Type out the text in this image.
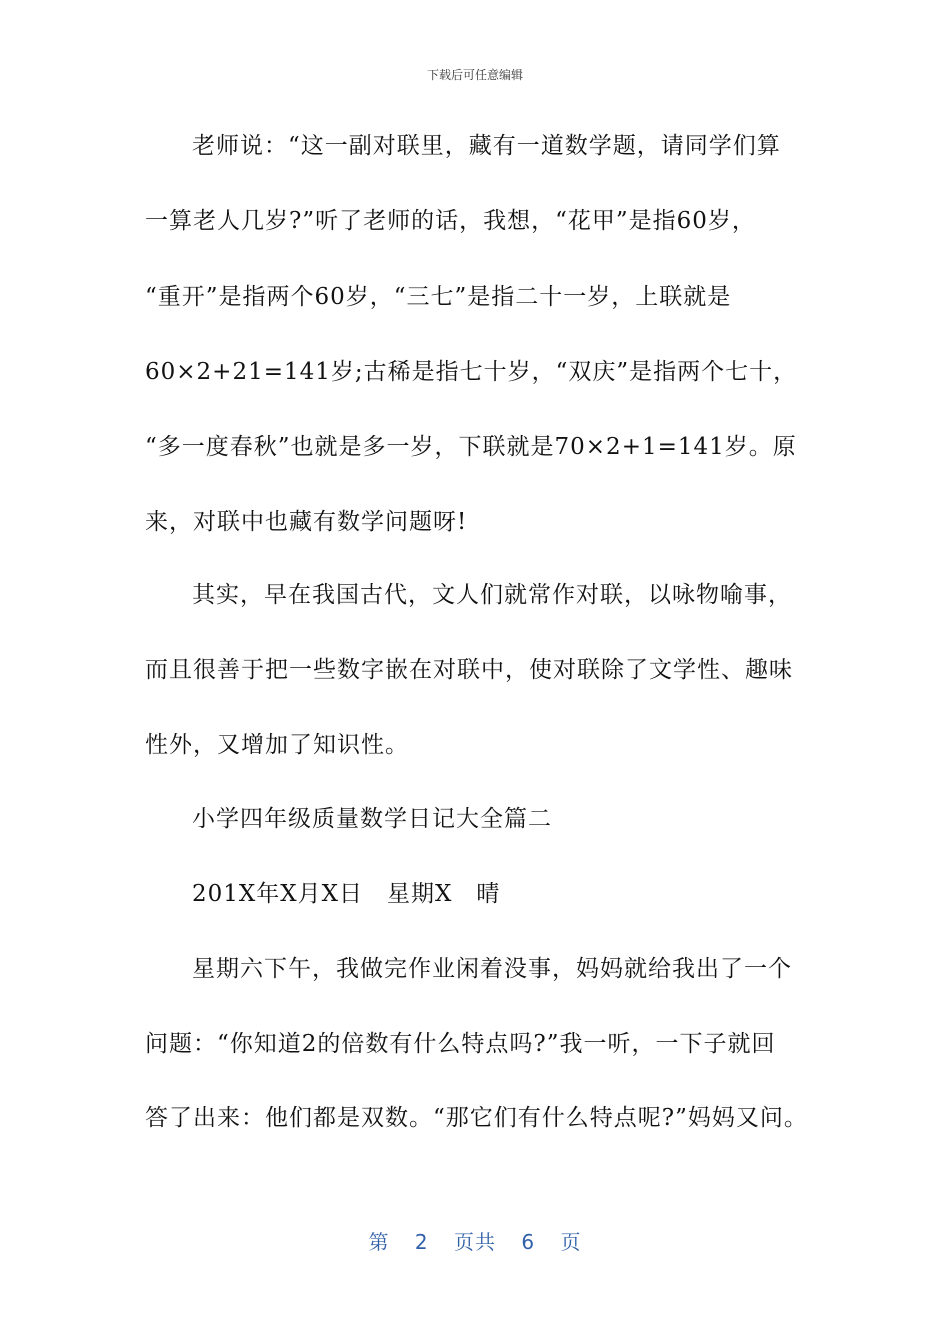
下载后可任意编辑
老师说：“这一副对联里，藏有一道数学题，请同学们算
一算老人几岁?”听了老师的话，我想，“花甲”是指60岁，
“重开”是指两个60岁，“三七”是指二十一岁，上联就是
60×2+21=141岁;古稀是指七十岁，“双庆”是指两个七十，
“多一度春秋”也就是多一岁，下联就是70×2+1=141岁。原
来，对联中也藏有数学问题呀!
其实，早在我国古代，文人们就常作对联，以咏物喻事，
而且很善于把一些数字嵌在对联中，使对联除了文学性、趣味
性外，又增加了知识性。
小学四年级质量数学日记大全篇二
201X年X月X日　星期X　晴
星期六下午，我做完作业闲着没事，妈妈就给我出了一个
问题：“你知道2的倍数有什么特点吗?”我一听，一下子就回
答了出来：他们都是双数。“那它们有什么特点呢?”妈妈又问。
第 2 页共 6 页
